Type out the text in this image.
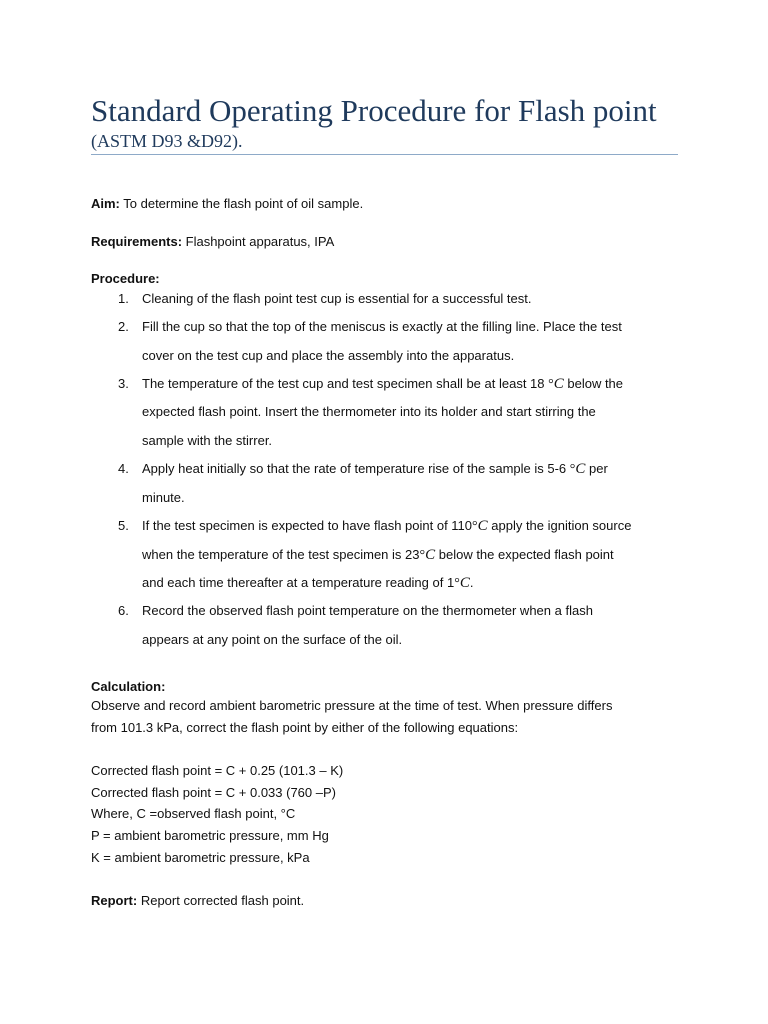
Standard Operating Procedure for Flash point
(ASTM D93 &D92).
Aim: To determine the flash point of oil sample.
Requirements: Flashpoint apparatus, IPA
Procedure:
1. Cleaning of the flash point test cup is essential for a successful test.
2. Fill the cup so that the top of the meniscus is exactly at the filling line. Place the test
cover on the test cup and place the assembly into the apparatus.
3. The temperature of the test cup and test specimen shall be at least 18 °C below the
expected flash point. Insert the thermometer into its holder and start stirring the
sample with the stirrer.
4. Apply heat initially so that the rate of temperature rise of the sample is 5-6 °C per
minute.
5. If the test specimen is expected to have flash point of 110°C apply the ignition source
when the temperature of the test specimen is 23°C below the expected flash point
and each time thereafter at a temperature reading of 1°C.
6. Record the observed flash point temperature on the thermometer when a flash
appears at any point on the surface of the oil.
Calculation:
Observe and record ambient barometric pressure at the time of test. When pressure differs
from 101.3 kPa, correct the flash point by either of the following equations:
Corrected flash point = C + 0.25 (101.3 – K)
Corrected flash point = C + 0.033 (760 –P)
Where, C =observed flash point, °C
P = ambient barometric pressure, mm Hg
K = ambient barometric pressure, kPa
Report: Report corrected flash point.
